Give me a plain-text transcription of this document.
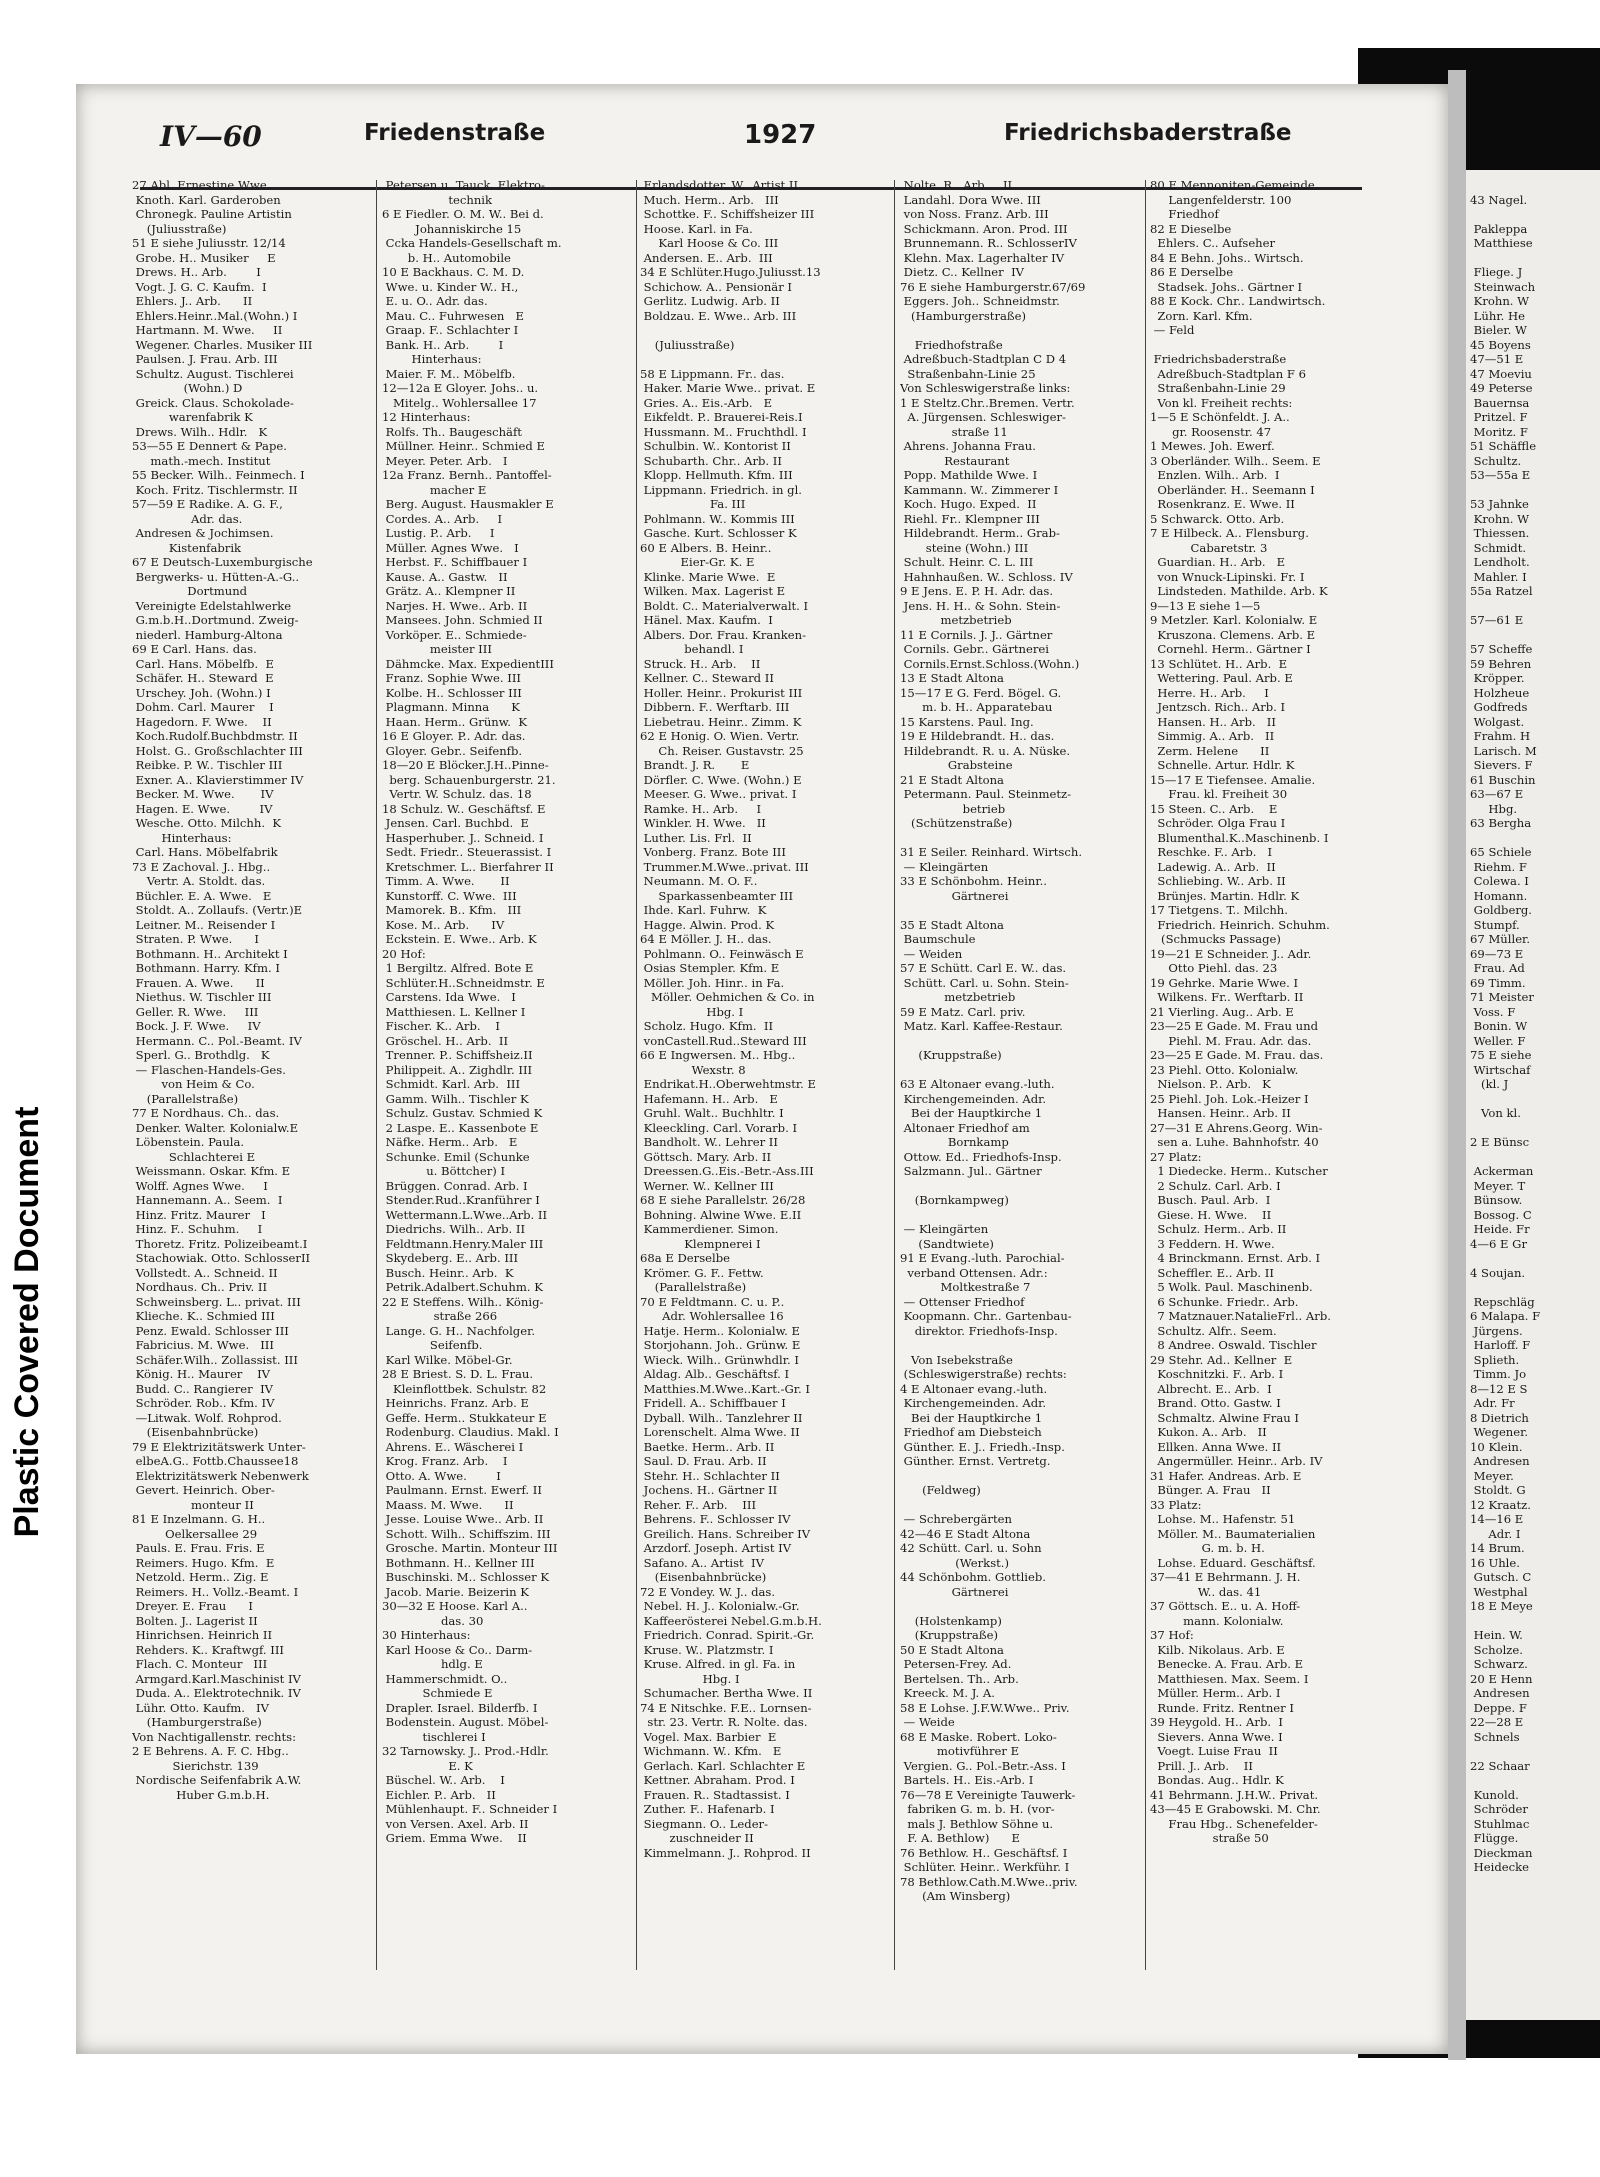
Plastic Covered Document
IV—60	Friedenstraße	1927	Friedrichsbaderstraße
27 Abl. Ernestine Wwe.
Knoth. Karl. Garderoben
Chronegk. Pauline Artistin
(Juliusstraße)
51 E siehe Juliusstr. 12/14
Grobe. H.. Musiker     E
Drews. H.. Arb.        I
Vogt. J. G. C. Kaufm.  I
Ehlers. J.. Arb.      II
Ehlers.Heinr..Mal.(Wohn.) I
Hartmann. M. Wwe.     II
Wegener. Charles. Musiker III
Paulsen. J. Frau. Arb. III
Schultz. August. Tischlerei
(Wohn.) D
Greick. Claus. Schokolade-
warenfabrik K
Drews. Wilh.. Hdlr.   K
53—55 E Dennert & Pape.
math.-mech. Institut
55 Becker. Wilh.. Feinmech. I
Koch. Fritz. Tischlermstr. II
57—59 E Radike. A. G. F.,
Adr. das.
Andresen & Jochimsen.
Kistenfabrik
67 E Deutsch-Luxemburgische
Bergwerks- u. Hütten-A.-G..
Dortmund
Vereinigte Edelstahlwerke
G.m.b.H..Dortmund. Zweig-
niederl. Hamburg-Altona
69 E Carl. Hans. das.
Carl. Hans. Möbelfb.  E
Schäfer. H.. Steward  E
Urschey. Joh. (Wohn.) I
Dohm. Carl. Maurer    I
Hagedorn. F. Wwe.    II
Koch.Rudolf.Buchbdmstr. II
Holst. G.. Großschlachter III
Reibke. P. W.. Tischler III
Exner. A.. Klavierstimmer IV
Becker. M. Wwe.       IV
Hagen. E. Wwe.        IV
Wesche. Otto. Milchh.  K
Hinterhaus:
Carl. Hans. Möbelfabrik
73 E Zachoval. J.. Hbg..
Vertr. A. Stoldt. das.
Büchler. E. A. Wwe.   E
Stoldt. A.. Zollaufs. (Vertr.)E
Leitner. M.. Reisender I
Straten. P. Wwe.      I
Bothmann. H.. Architekt I
Bothmann. Harry. Kfm. I
Frauen. A. Wwe.      II
Niethus. W. Tischler III
Geller. R. Wwe.     III
Bock. J. F. Wwe.     IV
Hermann. C.. Pol.-Beamt. IV
Sperl. G.. Brothdlg.   K
— Flaschen-Handels-Ges.
von Heim & Co.
(Parallelstraße)
77 E Nordhaus. Ch.. das.
Denker. Walter. Kolonialw.E
Löbenstein. Paula.
Schlachterei E
Weissmann. Oskar. Kfm. E
Wolff. Agnes Wwe.     I
Hannemann. A.. Seem.  I
Hinz. Fritz. Maurer   I
Hinz. F.. Schuhm.     I
Thoretz. Fritz. Polizeibeamt.I
Stachowiak. Otto. SchlosserII
Vollstedt. A.. Schneid. II
Nordhaus. Ch.. Priv. II
Schweinsberg. L.. privat. III
Klieche. K.. Schmied III
Penz. Ewald. Schlosser III
Fabricius. M. Wwe.   III
Schäfer.Wilh.. Zollassist. III
König. H.. Maurer    IV
Budd. C.. Rangierer  IV
Schröder. Rob.. Kfm. IV
—Litwak. Wolf. Rohprod.
(Eisenbahnbrücke)
79 E Elektrizitätswerk Unter-
elbeA.G.. Fottb.Chaussee18
Elektrizitätswerk Nebenwerk
Gevert. Heinrich. Ober-
monteur II
81 E Inzelmann. G. H..
Oelkersallee 29
Pauls. E. Frau. Fris. E
Reimers. Hugo. Kfm.  E
Netzold. Herm.. Zig. E
Reimers. H.. Vollz.-Beamt. I
Dreyer. E. Frau      I
Bolten. J.. Lagerist II
Hinrichsen. Heinrich II
Rehders. K.. Kraftwgf. III
Flach. C. Monteur   III
Armgard.Karl.Maschinist IV
Duda. A.. Elektrotechnik. IV
Lühr. Otto. Kaufm.   IV
(Hamburgerstraße)
Von Nachtigallenstr. rechts:
2 E Behrens. A. F. C. Hbg..
Sierichstr. 139
Nordische Seifenfabrik A.W.
Huber G.m.b.H.
Petersen u. Tauck. Elektro-
technik
6 E Fiedler. O. M. W.. Bei d.
Johanniskirche 15
Ccka Handels-Gesellschaft m.
b. H.. Automobile
10 E Backhaus. C. M. D.
Wwe. u. Kinder W.. H.,
E. u. O.. Adr. das.
Mau. C.. Fuhrwesen   E
Graap. F.. Schlachter I
Bank. H.. Arb.        I
Hinterhaus:
Maier. F. M.. Möbelfb.
12—12a E Gloyer. Johs.. u.
Mitelg.. Wohlersallee 17
12 Hinterhaus:
Rolfs. Th.. Baugeschäft
Müllner. Heinr.. Schmied E
Meyer. Peter. Arb.   I
12a Franz. Bernh.. Pantoffel-
macher E
Berg. August. Hausmakler E
Cordes. A.. Arb.     I
Lustig. P.. Arb.     I
Müller. Agnes Wwe.   I
Herbst. F.. Schiffbauer I
Kause. A.. Gastw.   II
Grätz. A.. Klempner II
Narjes. H. Wwe.. Arb. II
Mansees. John. Schmied II
Vorköper. E.. Schmiede-
meister III
Dähmcke. Max. ExpedientIII
Franz. Sophie Wwe. III
Kolbe. H.. Schlosser III
Plagmann. Minna      K
Haan. Herm.. Grünw.  K
16 E Gloyer. P.. Adr. das.
Gloyer. Gebr.. Seifenfb.
18—20 E Blöcker.J.H..Pinne-
berg. Schauenburgerstr. 21.
Vertr. W. Schulz. das. 18
18 Schulz. W.. Geschäftsf. E
Jensen. Carl. Buchbd.  E
Hasperhuber. J.. Schneid. I
Sedt. Friedr.. Steuerassist. I
Kretschmer. L.. Bierfahrer II
Timm. A. Wwe.       II
Kunstorff. C. Wwe.  III
Mamorek. B.. Kfm.   III
Kose. M.. Arb.      IV
Eckstein. E. Wwe.. Arb. K
20 Hof:
1 Bergiltz. Alfred. Bote E
Schlüter.H..Schneidmstr. E
Carstens. Ida Wwe.   I
Matthiesen. L. Kellner I
Fischer. K.. Arb.    I
Gröschel. H.. Arb.  II
Trenner. P.. Schiffsheiz.II
Philippeit. A.. Zighdlr. III
Schmidt. Karl. Arb.  III
Gamm. Wilh.. Tischler K
Schulz. Gustav. Schmied K
2 Laspe. E.. Kassenbote E
Näfke. Herm.. Arb.   E
Schunke. Emil (Schunke
u. Böttcher) I
Brüggen. Conrad. Arb. I
Stender.Rud..Kranführer I
Wettermann.L.Wwe..Arb. II
Diedrichs. Wilh.. Arb. II
Feldtmann.Henry.Maler III
Skydeberg. E.. Arb. III
Busch. Heinr.. Arb.  K
Petrik.Adalbert.Schuhm. K
22 E Steffens. Wilh.. König-
straße 266
Lange. G. H.. Nachfolger.
Seifenfb.
Karl Wilke. Möbel-Gr.
28 E Briest. S. D. L. Frau.
Kleinflottbek. Schulstr. 82
Heinrichs. Franz. Arb. E
Geffe. Herm.. Stukkateur E
Rodenburg. Claudius. Makl. I
Ahrens. E.. Wäscherei I
Krog. Franz. Arb.    I
Otto. A. Wwe.        I
Paulmann. Ernst. Ewerf. II
Maass. M. Wwe.      II
Jesse. Louise Wwe.. Arb. II
Schott. Wilh.. Schiffszim. III
Grosche. Martin. Monteur III
Bothmann. H.. Kellner III
Buschinski. M.. Schlosser K
Jacob. Marie. Beizerin K
30—32 E Hoose. Karl A..
das. 30
30 Hinterhaus:
Karl Hoose & Co.. Darm-
hdlg. E
Hammerschmidt. O..
Schmiede E
Drapler. Israel. Bilderfb. I
Bodenstein. August. Möbel-
tischlerei I
32 Tarnowsky. J.. Prod.-Hdlr.
E. K
Büschel. W.. Arb.    I
Eichler. P.. Arb.   II
Mühlenhaupt. F.. Schneider I
von Versen. Axel. Arb. II
Griem. Emma Wwe.    II
Erlandsdotter. W.. Artist II
Much. Herm.. Arb.   III
Schottke. F.. Schiffsheizer III
Hoose. Karl. in Fa.
Karl Hoose & Co. III
Andersen. E.. Arb.  III
34 E Schlüter.Hugo.Juliusst.13
Schichow. A.. Pensionär I
Gerlitz. Ludwig. Arb. II
Boldzau. E. Wwe.. Arb. III

(Juliusstraße)

58 E Lippmann. Fr.. das.
Haker. Marie Wwe.. privat. E
Gries. A.. Eis.-Arb.   E
Eikfeldt. P.. Brauerei-Reis.I
Hussmann. M.. Fruchthdl. I
Schulbin. W.. Kontorist II
Schubarth. Chr.. Arb. II
Klopp. Hellmuth. Kfm. III
Lippmann. Friedrich. in gl.
Fa. III
Pohlmann. W.. Kommis III
Gasche. Kurt. Schlosser K
60 E Albers. B. Heinr..
Eier-Gr. K. E
Klinke. Marie Wwe.  E
Wilken. Max. Lagerist E
Boldt. C.. Materialverwalt. I
Hänel. Max. Kaufm.  I
Albers. Dor. Frau. Kranken-
behandl. I
Struck. H.. Arb.    II
Kellner. C.. Steward II
Holler. Heinr.. Prokurist III
Dibbern. F.. Werftarb. III
Liebetrau. Heinr.. Zimm. K
62 E Honig. O. Wien. Vertr.
Ch. Reiser. Gustavstr. 25
Brandt. J. R.       E
Dörfler. C. Wwe. (Wohn.) E
Meeser. G. Wwe.. privat. I
Ramke. H.. Arb.     I
Winkler. H. Wwe.   II
Luther. Lis. Frl.  II
Vonberg. Franz. Bote III
Trummer.M.Wwe..privat. III
Neumann. M. O. F..
Sparkassenbeamter III
Ihde. Karl. Fuhrw.  K
Hagge. Alwin. Prod. K
64 E Möller. J. H.. das.
Pohlmann. O.. Feinwäsch E
Osias Stempler. Kfm. E
Möller. Joh. Hinr.. in Fa.
Möller. Oehmichen & Co. in
Hbg. I
Scholz. Hugo. Kfm.  II
vonCastell.Rud..Steward III
66 E Ingwersen. M.. Hbg..
Wexstr. 8
Endrikat.H..Oberwehtmstr. E
Hafemann. H.. Arb.   E
Gruhl. Walt.. Buchhltr. I
Kleeckling. Carl. Vorarb. I
Bandholt. W.. Lehrer II
Göttsch. Mary. Arb. II
Dreessen.G..Eis.-Betr.-Ass.III
Werner. W.. Kellner III
68 E siehe Parallelstr. 26/28
Bohning. Alwine Wwe. E.II
Kammerdiener. Simon.
Klempnerei I
68a E Derselbe
Krömer. G. F.. Fettw.
(Parallelstraße)
70 E Feldtmann. C. u. P..
Adr. Wohlersallee 16
Hatje. Herm.. Kolonialw. E
Storjohann. Joh.. Grünw. E
Wieck. Wilh.. Grünwhdlr. I
Aldag. Alb.. Geschäftsf. I
Matthies.M.Wwe..Kart.-Gr. I
Fridell. A.. Schiffbauer I
Dyball. Wilh.. Tanzlehrer II
Lorenschelt. Alma Wwe. II
Baetke. Herm.. Arb. II
Saul. D. Frau. Arb. II
Stehr. H.. Schlachter II
Jochens. H.. Gärtner II
Reher. F.. Arb.    III
Behrens. F.. Schlosser IV
Greilich. Hans. Schreiber IV
Arzdorf. Joseph. Artist IV
Safano. A.. Artist  IV
(Eisenbahnbrücke)
72 E Vondey. W. J.. das.
Nebel. H. J.. Kolonialw.-Gr.
Kaffeerösterei Nebel.G.m.b.H.
Friedrich. Conrad. Spirit.-Gr.
Kruse. W.. Platzmstr. I
Kruse. Alfred. in gl. Fa. in
Hbg. I
Schumacher. Bertha Wwe. II
74 E Nitschke. F.E.. Lornsen-
str. 23. Vertr. R. Nolte. das.
Vogel. Max. Barbier  E
Wichmann. W.. Kfm.   E
Gerlach. Karl. Schlachter E
Kettner. Abraham. Prod. I
Frauen. R.. Stadtassist. I
Zuther. F.. Hafenarb. I
Siegmann. O.. Leder-
zuschneider II
Kimmelmann. J.. Rohprod. II
Nolte. R.. Arb.    II
Landahl. Dora Wwe. III
von Noss. Franz. Arb. III
Schickmann. Aron. Prod. III
Brunnemann. R.. SchlosserIV
Klehn. Max. Lagerhalter IV
Dietz. C.. Kellner  IV
76 E siehe Hamburgerstr.67/69
Eggers. Joh.. Schneidmstr.
(Hamburgerstraße)

Friedhofstraße
Adreßbuch-Stadtplan C D 4
Straßenbahn-Linie 25
Von Schleswigerstraße links:
1 E Steltz.Chr..Bremen. Vertr.
A. Jürgensen. Schleswiger-
straße 11
Ahrens. Johanna Frau.
Restaurant
Popp. Mathilde Wwe. I
Kammann. W.. Zimmerer I
Koch. Hugo. Exped.  II
Riehl. Fr.. Klempner III
Hildebrandt. Herm.. Grab-
steine (Wohn.) III
Schult. Heinr. C. L. III
Hahnhaußen. W.. Schloss. IV
9 E Jens. E. P. H. Adr. das.
Jens. H. H.. & Sohn. Stein-
metzbetrieb
11 E Cornils. J. J.. Gärtner
Cornils. Gebr.. Gärtnerei
Cornils.Ernst.Schloss.(Wohn.)
13 E Stadt Altona
15—17 E G. Ferd. Bögel. G.
m. b. H.. Apparatebau
15 Karstens. Paul. Ing.
19 E Hildebrandt. H.. das.
Hildebrandt. R. u. A. Nüske.
Grabsteine
21 E Stadt Altona
Petermann. Paul. Steinmetz-
betrieb
(Schützenstraße)

31 E Seiler. Reinhard. Wirtsch.
— Kleingärten
33 E Schönbohm. Heinr..
Gärtnerei

35 E Stadt Altona
Baumschule
— Weiden
57 E Schütt. Carl E. W.. das.
Schütt. Carl. u. Sohn. Stein-
metzbetrieb
59 E Matz. Carl. priv.
Matz. Karl. Kaffee-Restaur.

(Kruppstraße)

63 E Altonaer evang.-luth.
Kirchengemeinden. Adr.
Bei der Hauptkirche 1
Altonaer Friedhof am
Bornkamp
Ottow. Ed.. Friedhofs-Insp.
Salzmann. Jul.. Gärtner

(Bornkampweg)

— Kleingärten
(Sandtwiete)
91 E Evang.-luth. Parochial-
verband Ottensen. Adr.:
Moltkestraße 7
— Ottenser Friedhof
Koopmann. Chr.. Gartenbau-
direktor. Friedhofs-Insp.

Von Isebekstraße
(Schleswigerstraße) rechts:
4 E Altonaer evang.-luth.
Kirchengemeinden. Adr.
Bei der Hauptkirche 1
Friedhof am Diebsteich
Günther. E. J.. Friedh.-Insp.
Günther. Ernst. Vertretg.

(Feldweg)

— Schrebergärten
42—46 E Stadt Altona
42 Schütt. Carl. u. Sohn
(Werkst.)
44 Schönbohm. Gottlieb.
Gärtnerei

(Holstenkamp)
(Kruppstraße)
50 E Stadt Altona
Petersen-Frey. Ad.
Bertelsen. Th.. Arb.
Kreeck. M. J. A.
58 E Lohse. J.F.W.Wwe.. Priv.
— Weide
68 E Maske. Robert. Loko-
motivführer E
Vergien. G.. Pol.-Betr.-Ass. I
Bartels. H.. Eis.-Arb. I
76—78 E Vereinigte Tauwerk-
fabriken G. m. b. H. (vor-
mals J. Bethlow Söhne u.
F. A. Bethlow)      E
76 Bethlow. H.. Geschäftsf. I
Schlüter. Heinr.. Werkführ. I
78 Bethlow.Cath.M.Wwe..priv.
(Am Winsberg)
80 E Mennoniten-Gemeinde.
Langenfelderstr. 100
Friedhof
82 E Dieselbe
Ehlers. C.. Aufseher
84 E Behn. Johs.. Wirtsch.
86 E Derselbe
Stadsek. Johs.. Gärtner I
88 E Kock. Chr.. Landwirtsch.
Zorn. Karl. Kfm.
— Feld

Friedrichsbaderstraße
Adreßbuch-Stadtplan F 6
Straßenbahn-Linie 29
Von kl. Freiheit rechts:
1—5 E Schönfeldt. J. A..
gr. Roosenstr. 47
1 Mewes. Joh. Ewerf.
3 Oberländer. Wilh.. Seem. E
Enzlen. Wilh.. Arb.  I
Oberländer. H.. Seemann I
Rosenkranz. E. Wwe. II
5 Schwarck. Otto. Arb.
7 E Hilbeck. A.. Flensburg.
Cabaretstr. 3
Guardian. H.. Arb.   E
von Wnuck-Lipinski. Fr. I
Lindsteden. Mathilde. Arb. K
9—13 E siehe 1—5
9 Metzler. Karl. Kolonialw. E
Kruszona. Clemens. Arb. E
Cornehl. Herm.. Gärtner I
13 Schlütet. H.. Arb.  E
Wettering. Paul. Arb. E
Herre. H.. Arb.     I
Jentzsch. Rich.. Arb. I
Hansen. H.. Arb.   II
Simmig. A.. Arb.   II
Zerm. Helene      II
Schnelle. Artur. Hdlr. K
15—17 E Tiefensee. Amalie.
Frau. kl. Freiheit 30
15 Steen. C.. Arb.    E
Schröder. Olga Frau I
Blumenthal.K..Maschinenb. I
Reschke. F.. Arb.   I
Ladewig. A.. Arb.  II
Schliebing. W.. Arb. II
Brünjes. Martin. Hdlr. K
17 Tietgens. T.. Milchh.
Friedrich. Heinrich. Schuhm.
(Schmucks Passage)
19—21 E Schneider. J.. Adr.
Otto Piehl. das. 23
19 Gehrke. Marie Wwe. I
Wilkens. Fr.. Werftarb. II
21 Vierling. Aug.. Arb. E
23—25 E Gade. M. Frau und
Piehl. M. Frau. Adr. das.
23—25 E Gade. M. Frau. das.
23 Piehl. Otto. Kolonialw.
Nielson. P.. Arb.   K
25 Piehl. Joh. Lok.-Heizer I
Hansen. Heinr.. Arb. II
27—31 E Ahrens.Georg. Win-
sen a. Luhe. Bahnhofstr. 40
27 Platz:
1 Diedecke. Herm.. Kutscher
2 Schulz. Carl. Arb. I
Busch. Paul. Arb.  I
Giese. H. Wwe.    II
Schulz. Herm.. Arb. II
3 Feddern. H. Wwe.
4 Brinckmann. Ernst. Arb. I
Scheffler. E.. Arb. II
5 Wolk. Paul. Maschinenb.
6 Schunke. Friedr.. Arb.
7 Matznauer.NatalieFrl.. Arb.
Schultz. Alfr.. Seem.
8 Andree. Oswald. Tischler
29 Stehr. Ad.. Kellner  E
Koschnitzki. F.. Arb. I
Albrecht. E.. Arb.  I
Brand. Otto. Gastw. I
Schmaltz. Alwine Frau I
Kukon. A.. Arb.   II
Ellken. Anna Wwe. II
Angermüller. Heinr.. Arb. IV
31 Hafer. Andreas. Arb. E
Bünger. A. Frau   II
33 Platz:
Lohse. M.. Hafenstr. 51
Möller. M.. Baumaterialien
G. m. b. H.
Lohse. Eduard. Geschäftsf.
37—41 E Behrmann. J. H.
W.. das. 41
37 Göttsch. E.. u. A. Hoff-
mann. Kolonialw.
37 Hof:
Kilb. Nikolaus. Arb. E
Benecke. A. Frau. Arb. E
Matthiesen. Max. Seem. I
Müller. Herm.. Arb. I
Runde. Fritz. Rentner I
39 Heygold. H.. Arb.  I
Sievers. Anna Wwe. I
Voegt. Luise Frau  II
Prill. J.. Arb.    II
Bondas. Aug.. Hdlr. K
41 Behrmann. J.H.W.. Privat.
43—45 E Grabowski. M. Chr.
Frau Hbg.. Schenefelder-
straße 50

43 Nagel.

Pakleppa
Matthiese

Fliege. J
Steinwach
Krohn. W
Lühr. He
Bieler. W
45 Boyens
47—51 E
47 Moeviu
49 Peterse
Bauernsa
Pritzel. F
Moritz. F
51 Schäffle
Schultz.
53—55a E

53 Jahnke
Krohn. W
Thiessen.
Schmidt.
Lendholt.
Mahler. I
55a Ratzel

57—61 E

57 Scheffe
59 Behren
Kröpper.
Holzheue
Godfreds
Wolgast.
Frahm. H
Larisch. M
Sievers. F
61 Buschin
63—67 E
Hbg.
63 Bergha

65 Schiele
Riehm. F
Colewa. I
Homann.
Goldberg.
Stumpf.
67 Müller.
69—73 E
Frau. Ad
69 Timm.
71 Meister
Voss. F
Bonin. W
Weller. F
75 E siehe
Wirtschaf
(kl. J

Von kl.

2 E Bünsc

Ackerman
Meyer. T
Bünsow.
Bossog. C
Heide. Fr
4—6 E Gr

4 Soujan.

Repschläg
6 Malapa. F
Jürgens.
Harloff. F
Splieth.
Timm. Jo
8—12 E S
Adr. Fr
8 Dietrich
Wegener.
10 Klein.
Andresen
Meyer.
Stoldt. G
12 Kraatz.
14—16 E
Adr. I
14 Brum.
16 Uhle.
Gutsch. C
Westphal
18 E Meye

Hein. W.
Scholze.
Schwarz.
20 E Henn
Andresen
Deppe. F
22—28 E
Schnels

22 Schaar

Kunold.
Schröder
Stuhlmac
Flügge.
Dieckman
Heidecke
